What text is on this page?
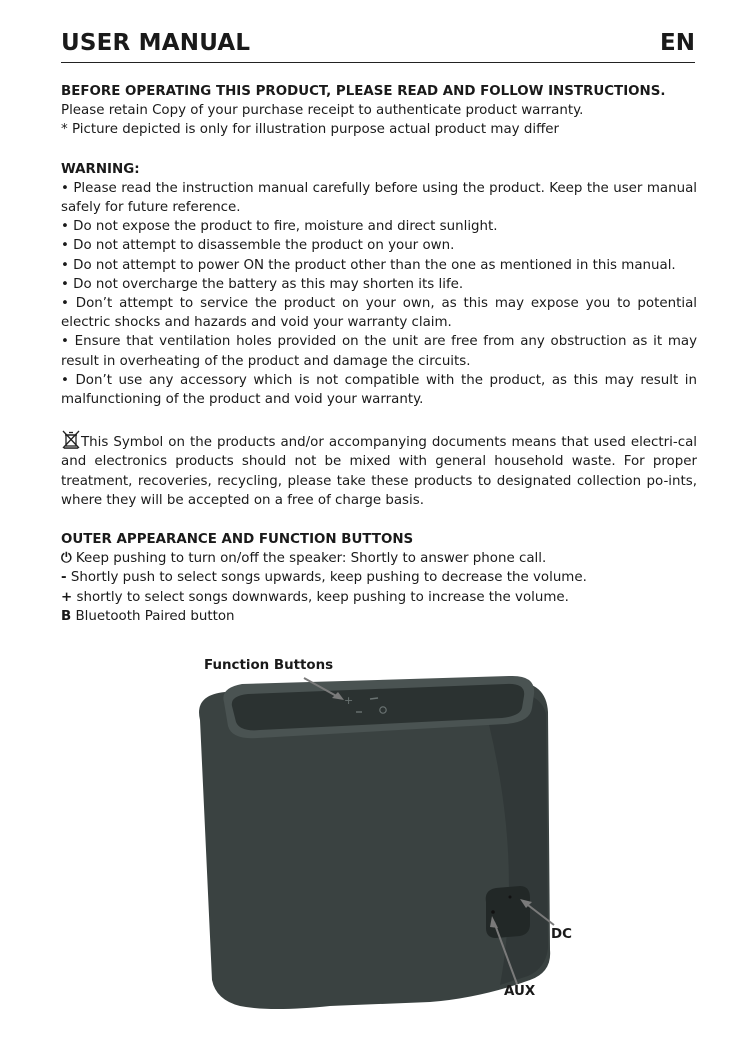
USER MANUAL	EN

BEFORE OPERATING THIS PRODUCT, PLEASE READ AND FOLLOW INSTRUCTIONS.

Please retain Copy of your purchase receipt to authenticate product warranty.

* Picture depicted is only for illustration purpose actual product may differ

WARNING:

• Please read the instruction manual carefully before using the product. Keep the user manual safely for future reference.

• Do not expose the product to fire, moisture and direct sunlight.

• Do not attempt to disassemble the product on your own.

• Do not attempt to power ON the product other than the one as mentioned in this manual.

• Do not overcharge the battery as this may shorten its life.

• Don’t attempt to service the product on your own, as this may expose you to potential electric shocks and hazards and void your warranty claim.

• Ensure that ventilation holes provided on the unit are free from any obstruction as it may result in overheating of the product and damage the circuits.

• Don’t use any accessory which is not compatible with the product, as this may result in malfunctioning of the product and void your warranty.

This Symbol on the products and/or accompanying documents means that used electri-cal and electronics products should not be mixed with general household waste. For proper treatment, recoveries, recycling, please take these products to designated collection po-ints, where they will be accepted on a free of charge basis.

OUTER APPEARANCE AND FUNCTION BUTTONS

⏻ Keep pushing to turn on/off the speaker: Shortly to answer phone call.

- Shortly push to select songs upwards, keep pushing to decrease the volume.

+ shortly to select songs downwards, keep pushing to increase the volume.

B Bluetooth Paired button

+
Function Buttons
DC
AUX
